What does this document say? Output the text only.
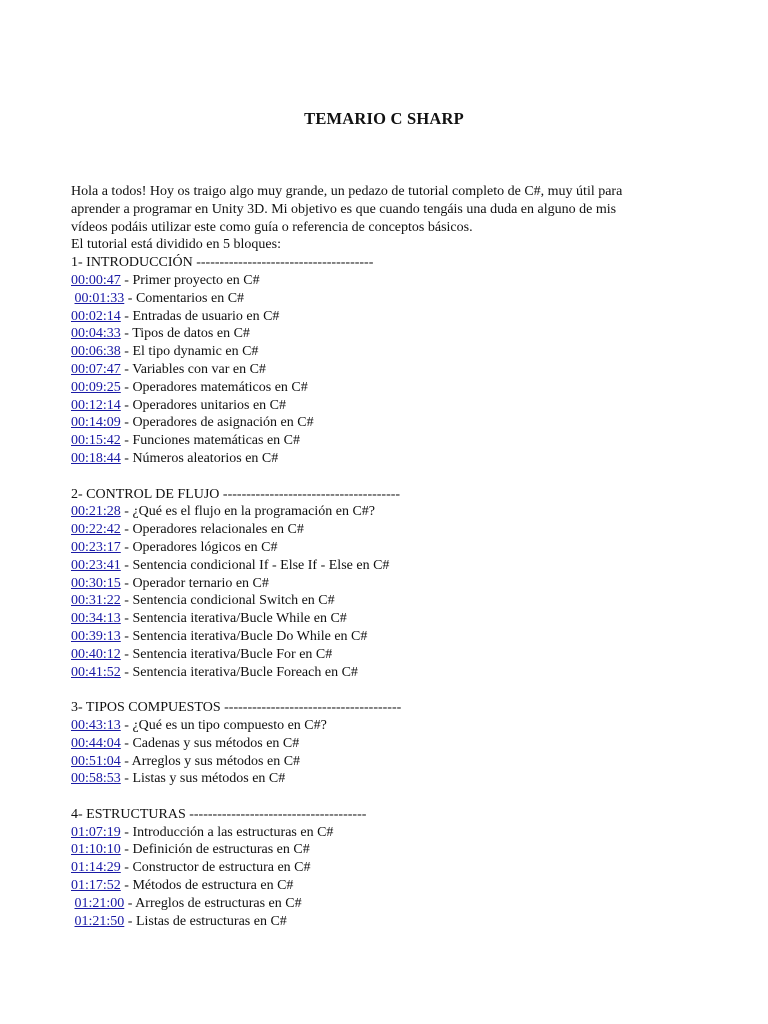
TEMARIO C SHARP

Hola a todos! Hoy os traigo algo muy grande, un pedazo de tutorial completo de C#, muy útil para

aprender a programar en Unity 3D. Mi objetivo es que cuando tengáis una duda en alguno de mis

vídeos podáis utilizar este como guía o referencia de conceptos básicos.

El tutorial está dividido en 5 bloques:

1- INTRODUCCIÓN --------------------------------------
00:00:47 - Primer proyecto en C#
00:01:33 - Comentarios en C#
00:02:14 - Entradas de usuario en C#
00:04:33 - Tipos de datos en C#
00:06:38 - El tipo dynamic en C#
00:07:47 - Variables con var en C#
00:09:25 - Operadores matemáticos en C#
00:12:14 - Operadores unitarios en C#
00:14:09 - Operadores de asignación en C#
00:15:42 - Funciones matemáticas en C#
00:18:44 - Números aleatorios en C#
2- CONTROL DE FLUJO --------------------------------------
00:21:28 - ¿Qué es el flujo en la programación en C#?
00:22:42 - Operadores relacionales en C#
00:23:17 - Operadores lógicos en C#
00:23:41 - Sentencia condicional If - Else If - Else en C#
00:30:15 - Operador ternario en C#
00:31:22 - Sentencia condicional Switch en C#
00:34:13 - Sentencia iterativa/Bucle While en C#
00:39:13 - Sentencia iterativa/Bucle Do While en C#
00:40:12 - Sentencia iterativa/Bucle For en C#
00:41:52 - Sentencia iterativa/Bucle Foreach en C#
3- TIPOS COMPUESTOS --------------------------------------
00:43:13 - ¿Qué es un tipo compuesto en C#?
00:44:04 - Cadenas y sus métodos en C#
00:51:04 - Arreglos y sus métodos en C#
00:58:53 - Listas y sus métodos en C#
4- ESTRUCTURAS --------------------------------------
01:07:19 - Introducción a las estructuras en C#
01:10:10 - Definición de estructuras en C#
01:14:29 - Constructor de estructura en C#
01:17:52 - Métodos de estructura en C#
01:21:00 - Arreglos de estructuras en C#
01:21:50 - Listas de estructuras en C#
